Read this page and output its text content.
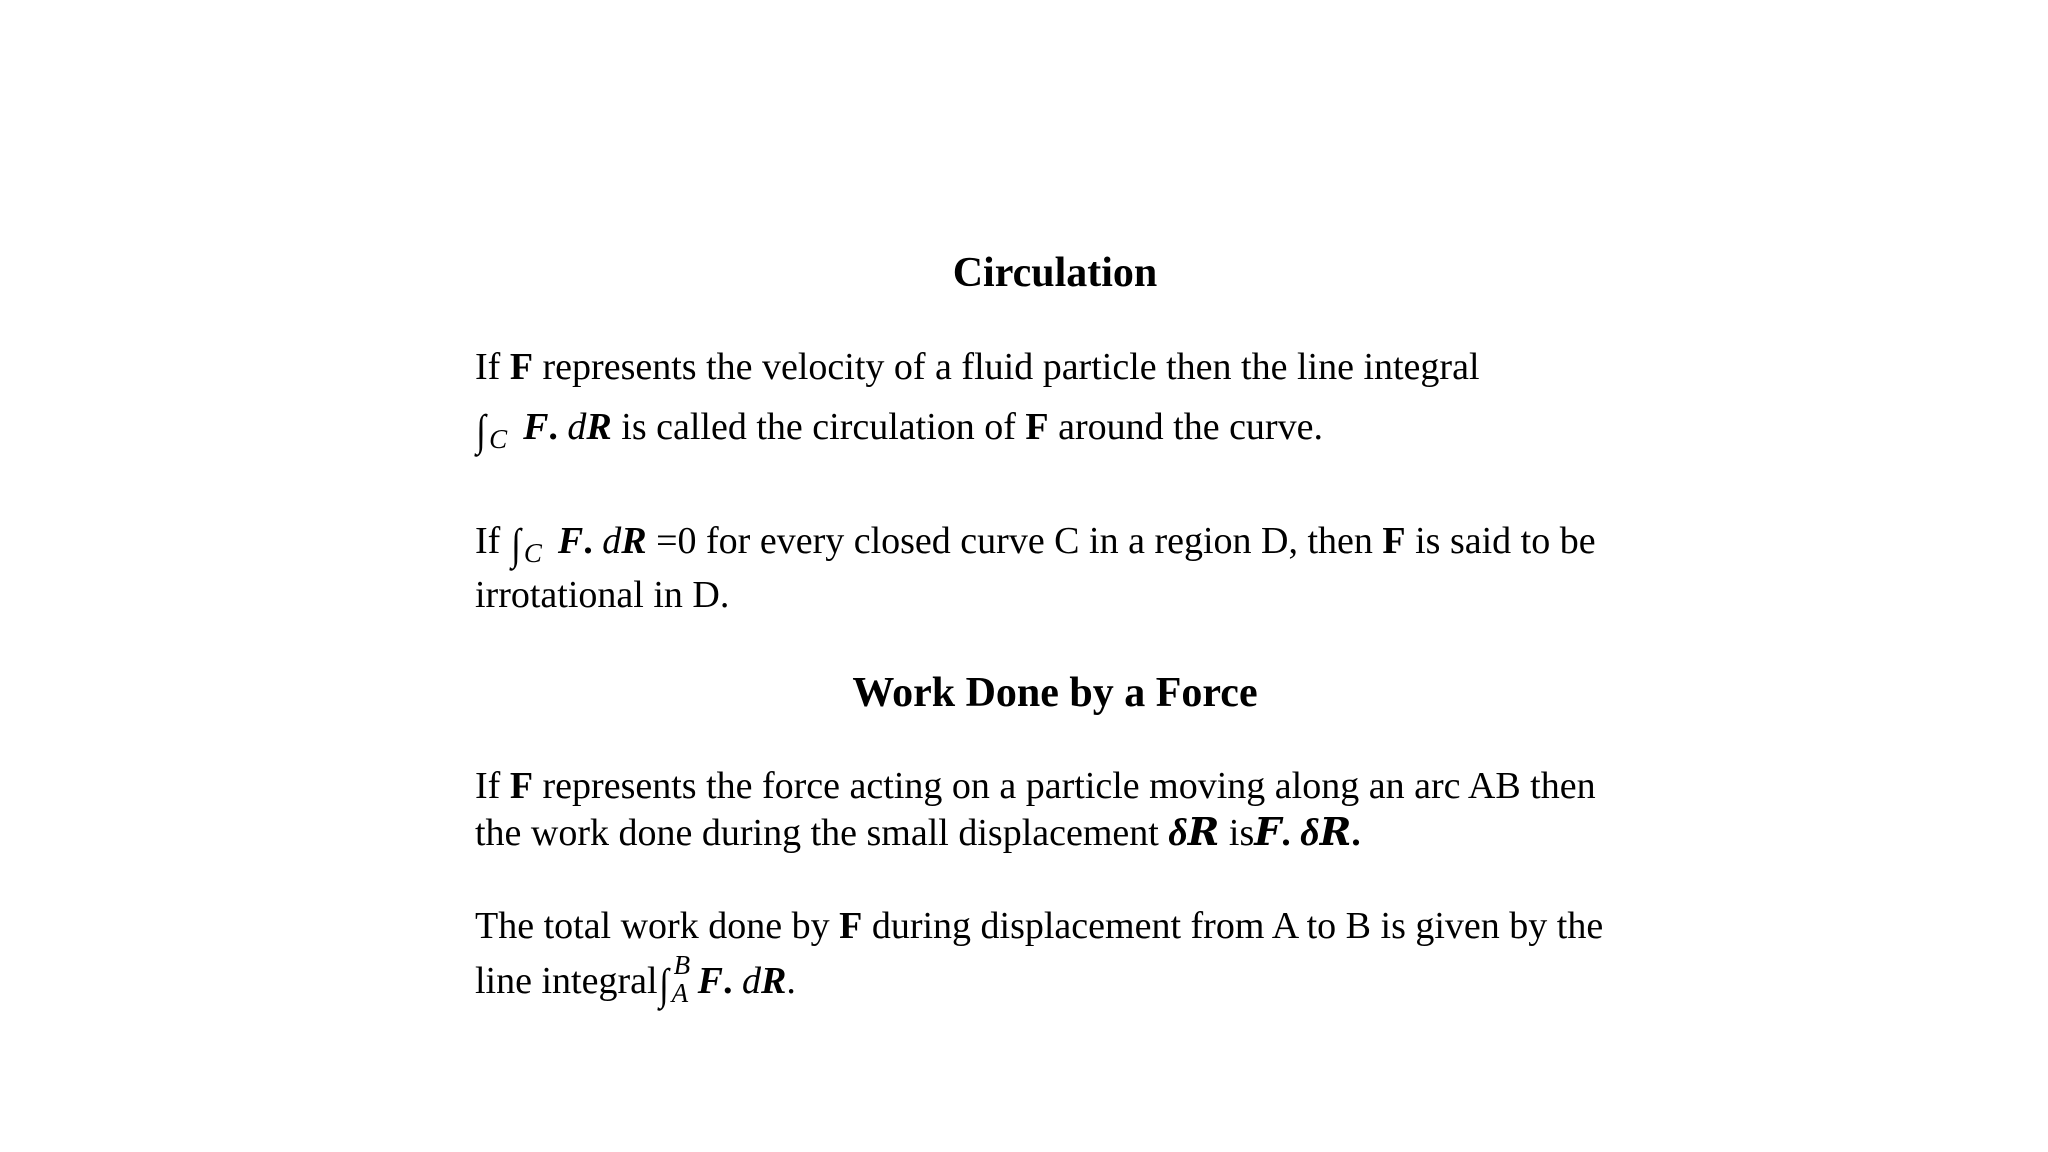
Circulation
If F represents the velocity of a fluid particle then the line integral
∫ C F. dR is called the circulation of F around the curve.
If ∫ C F. dR =0 for every closed curve C in a region D, then F is said to be
irrotational in D.
Work Done by a Force
If F represents the force acting on a particle moving along an arc AB then
the work done during the small displacement δ𝑹 is𝑭. δ𝑹.
The total work done by F during displacement from A to B is given by the
line integral∫ B
A F. dR.
